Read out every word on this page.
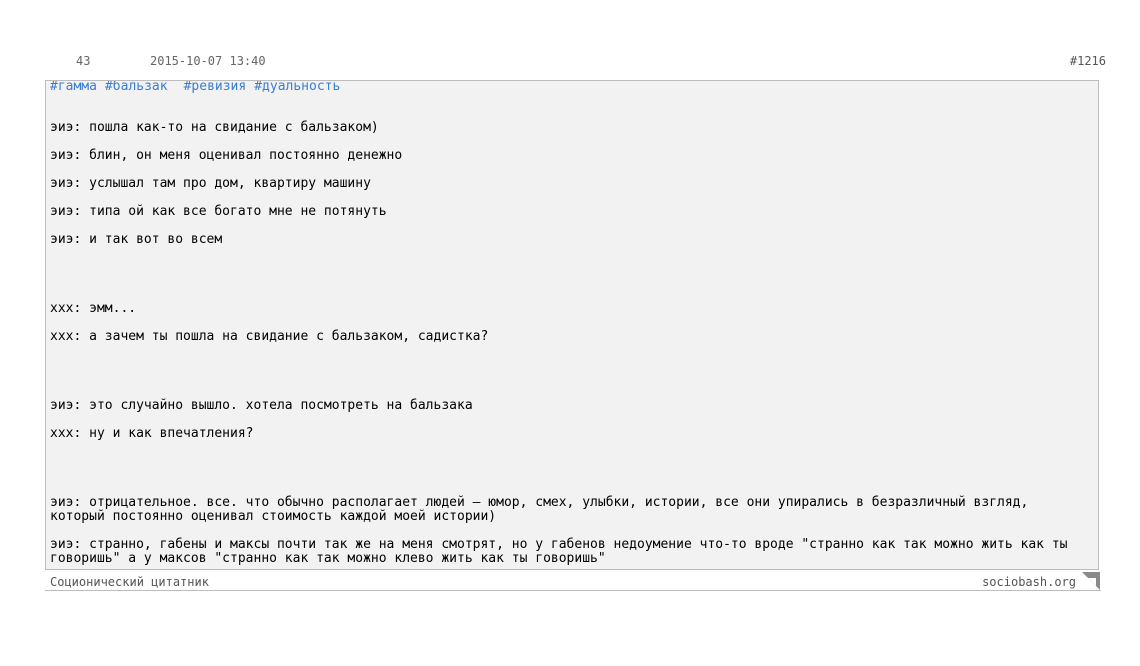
43	2015-10-07 13:40	#1216
#гамма #бальзак #ревизия #дуальность
эиэ: пошла как-то на свидание с бальзаком)
эиэ: блин, он меня оценивал постоянно денежно
эиэ: услышал там про дом, квартиру машину
эиэ: типа ой как все богато мне не потянуть
эиэ: и так вот во всем
ххх: эмм...
ххх: а зачем ты пошла на свидание с бальзаком, садистка?
эиэ: это случайно вышло. хотела посмотреть на бальзака
ххх: ну и как впечатления?
эиэ: отрицательное. все. что обычно располагает людей — юмор, смех, улыбки, истории, все они упирались в безразличный взгляд, который постоянно оценивал стоимость каждой моей истории)
эиэ: странно, габены и максы почти так же на меня смотрят, но у габенов недоумение что-то вроде "странно как так можно жить как ты говоришь" а у максов "странно как так можно клево жить как ты говоришь"
Соционический цитатник	sociobash.org
